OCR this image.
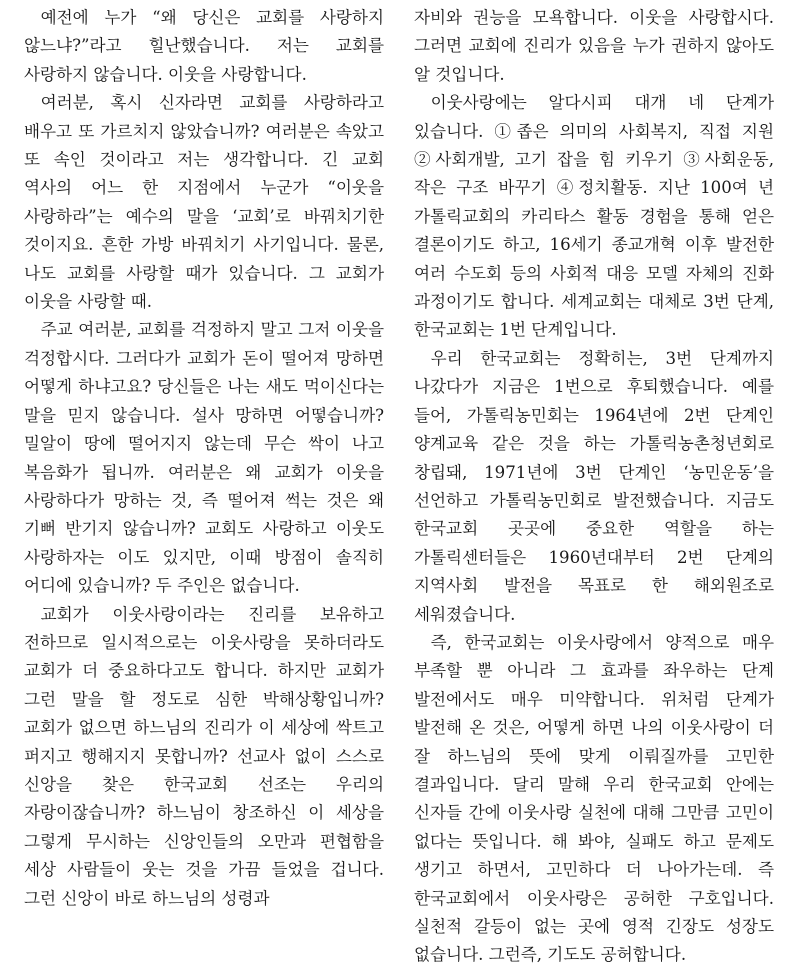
예전에 누가 “왜 당신은 교회를 사랑하지 않느냐?”라고 힐난했습니다. 저는 교회를 사랑하지 않습니다. 이웃을 사랑합니다.

여러분, 혹시 신자라면 교회를 사랑하라고 배우고 또 가르치지 않았습니까? 여러분은 속았고 또 속인 것이라고 저는 생각합니다. 긴 교회 역사의 어느 한 지점에서 누군가 “이웃을 사랑하라”는 예수의 말을 ‘교회’로 바꿔치기한 것이지요. 흔한 가방 바꿔치기 사기입니다. 물론, 나도 교회를 사랑할 때가 있습니다. 그 교회가 이웃을 사랑할 때.

주교 여러분, 교회를 걱정하지 말고 그저 이웃을 걱정합시다. 그러다가 교회가 돈이 떨어져 망하면 어떻게 하냐고요? 당신들은 나는 새도 먹이신다는 말을 믿지 않습니다. 설사 망하면 어떻습니까? 밀알이 땅에 떨어지지 않는데 무슨 싹이 나고 복음화가 됩니까. 여러분은 왜 교회가 이웃을 사랑하다가 망하는 것, 즉 떨어져 썩는 것은 왜 기뻐 반기지 않습니까? 교회도 사랑하고 이웃도 사랑하자는 이도 있지만, 이때 방점이 솔직히 어디에 있습니까? 두 주인은 없습니다.

교회가 이웃사랑이라는 진리를 보유하고 전하므로 일시적으로는 이웃사랑을 못하더라도 교회가 더 중요하다고도 합니다. 하지만 교회가 그런 말을 할 정도로 심한 박해상황입니까? 교회가 없으면 하느님의 진리가 이 세상에 싹트고 퍼지고 행해지지 못합니까? 선교사 없이 스스로 신앙을 찾은 한국교회 선조는 우리의 자랑이잖습니까? 하느님이 창조하신 이 세상을 그렇게 무시하는 신앙인들의 오만과 편협함을 세상 사람들이 웃는 것을 가끔 들었을 겁니다. 그런 신앙이 바로 하느님의 성령과

자비와 권능을 모욕합니다. 이웃을 사랑합시다. 그러면 교회에 진리가 있음을 누가 권하지 않아도 알 것입니다.

이웃사랑에는 알다시피 대개 네 단계가 있습니다. ①좁은 의미의 사회복지, 직접 지원 ②사회개발, 고기 잡을 힘 키우기 ③사회운동, 작은 구조 바꾸기 ④정치활동. 지난 100여 년 가톨릭교회의 카리타스 활동 경험을 통해 얻은 결론이기도 하고, 16세기 종교개혁 이후 발전한 여러 수도회 등의 사회적 대응 모델 자체의 진화 과정이기도 합니다. 세계교회는 대체로 3번 단계, 한국교회는 1번 단계입니다.

우리 한국교회는 정확히는, 3번 단계까지 나갔다가 지금은 1번으로 후퇴했습니다. 예를 들어, 가톨릭농민회는 1964년에 2번 단계인 양계교육 같은 것을 하는 가톨릭농촌청년회로 창립돼, 1971년에 3번 단계인 ‘농민운동’을 선언하고 가톨릭농민회로 발전했습니다. 지금도 한국교회 곳곳에 중요한 역할을 하는 가톨릭센터들은 1960년대부터 2번 단계의 지역사회 발전을 목표로 한 해외원조로 세워졌습니다.

즉, 한국교회는 이웃사랑에서 양적으로 매우 부족할 뿐 아니라 그 효과를 좌우하는 단계 발전에서도 매우 미약합니다. 위처럼 단계가 발전해 온 것은, 어떻게 하면 나의 이웃사랑이 더 잘 하느님의 뜻에 맞게 이뤄질까를 고민한 결과입니다. 달리 말해 우리 한국교회 안에는 신자들 간에 이웃사랑 실천에 대해 그만큼 고민이 없다는 뜻입니다. 해 봐야, 실패도 하고 문제도 생기고 하면서, 고민하다 더 나아가는데. 즉 한국교회에서 이웃사랑은 공허한 구호입니다. 실천적 갈등이 없는 곳에 영적 긴장도 성장도 없습니다. 그런즉, 기도도 공허합니다.
